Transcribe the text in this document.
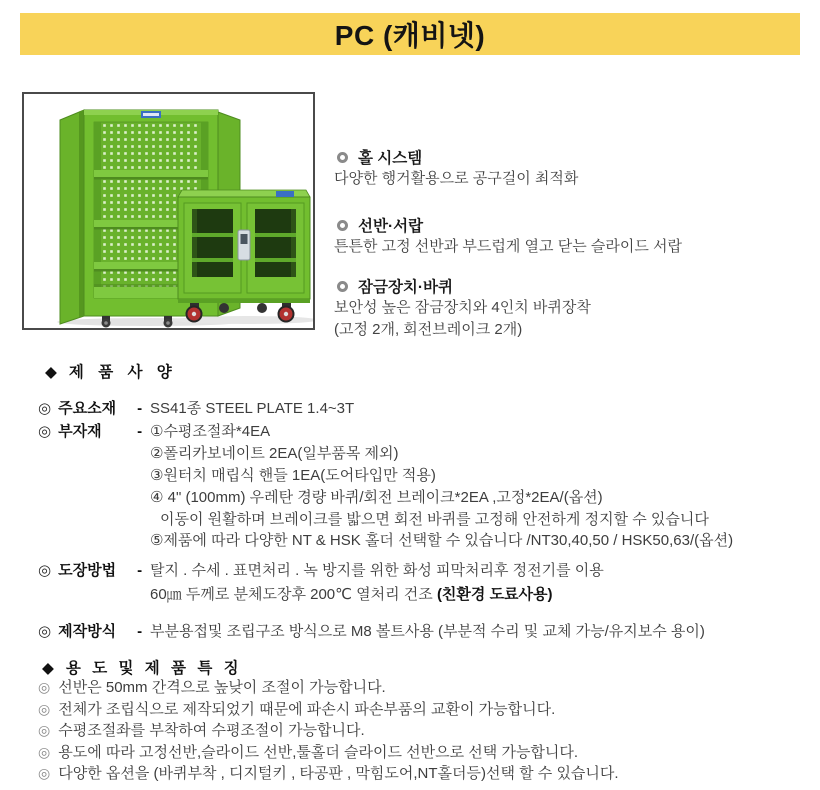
PC (캐비넷)
홀 시스템
다양한 행거활용으로 공구걸이 최적화
선반·서랍
튼튼한 고정 선반과 부드럽게 열고 닫는 슬라이드 서랍
잠금장치·바퀴
보안성 높은 잠금장치와 4인치 바퀴장착
(고정 2개, 회전브레이크 2개)
◆ 제 품 사 양
◎ 주요소재	- SS41종 STEEL PLATE 1.4~3T
◎ 부자재	- ①수평조절좌*4EA
②폴리카보네이트 2EA(일부품목 제외)
③원터치 매립식 핸들 1EA(도어타입만 적용)
④ 4" (100mm) 우레탄 경량 바퀴/회전 브레이크*2EA ,고정*2EA/(옵션)
이동이 원활하며 브레이크를 밟으면 회전 바퀴를 고정해 안전하게 정지할 수 있습니다
⑤제품에 따라 다양한 NT & HSK 홀더 선택할 수 있습니다 /NT30,40,50 / HSK50,63/(옵션)
◎ 도장방법	- 탈지 . 수세 . 표면처리 . 녹 방지를 위한 화성 피막처리후 정전기를 이용
60㎛ 두께로 분체도장후 200℃ 열처리 건조 (친환경 도료사용)
◎ 제작방식	- 부분용접및 조립구조 방식으로 M8 볼트사용 (부분적 수리 및 교체 가능/유지보수 용이)
◆ 용 도 및 제 품 특 징
◎ 선반은 50mm 간격으로 높낮이 조절이 가능합니다.
◎ 전체가 조립식으로 제작되었기 때문에 파손시 파손부품의 교환이 가능합니다.
◎ 수평조절좌를 부착하여 수평조절이 가능합니다.
◎ 용도에 따라 고정선반,슬라이드 선반,툴홀더 슬라이드 선반으로 선택 가능합니다.
◎ 다양한 옵션을 (바퀴부착 , 디지털키 , 타공판 , 막힘도어,NT홀더등)선택 할 수 있습니다.
